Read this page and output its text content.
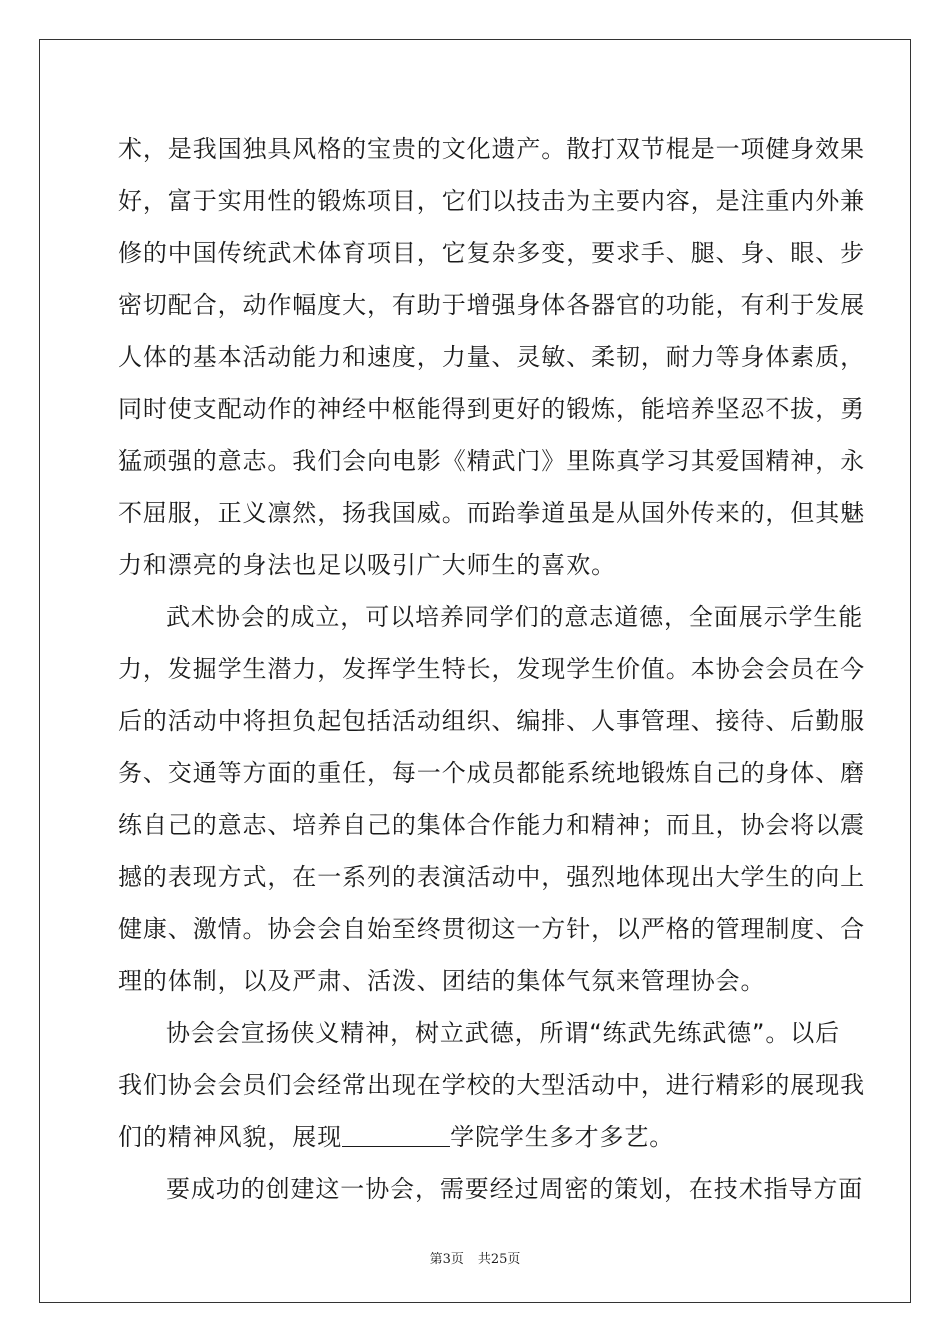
术，是我国独具风格的宝贵的文化遗产。散打双节棍是一项健身效果
好，富于实用性的锻炼项目，它们以技击为主要内容，是注重内外兼
修的中国传统武术体育项目，它复杂多变，要求手、腿、身、眼、步
密切配合，动作幅度大，有助于增强身体各器官的功能，有利于发展
人体的基本活动能力和速度，力量、灵敏、柔韧，耐力等身体素质，
同时使支配动作的神经中枢能得到更好的锻炼，能培养坚忍不拔，勇
猛顽强的意志。我们会向电影《精武门》里陈真学习其爱国精神，永
不屈服，正义凛然，扬我国威。而跆拳道虽是从国外传来的，但其魅
力和漂亮的身法也足以吸引广大师生的喜欢。
武术协会的成立，可以培养同学们的意志道德，全面展示学生能
力，发掘学生潜力，发挥学生特长，发现学生价值。本协会会员在今
后的活动中将担负起包括活动组织、编排、人事管理、接待、后勤服
务、交通等方面的重任，每一个成员都能系统地锻炼自己的身体、磨
练自己的意志、培养自己的集体合作能力和精神；而且，协会将以震
撼的表现方式，在一系列的表演活动中，强烈地体现出大学生的向上
健康、激情。协会会自始至终贯彻这一方针，以严格的管理制度、合
理的体制，以及严肃、活泼、团结的集体气氛来管理协会。
协会会宣扬侠义精神，树立武德，所谓“练武先练武德”。以后
我们协会会员们会经常出现在学校的大型活动中，进行精彩的展现我
们的精神风貌，展现	学院学生多才多艺。
要成功的创建这一协会，需要经过周密的策划，在技术指导方面
第3页 共25页
